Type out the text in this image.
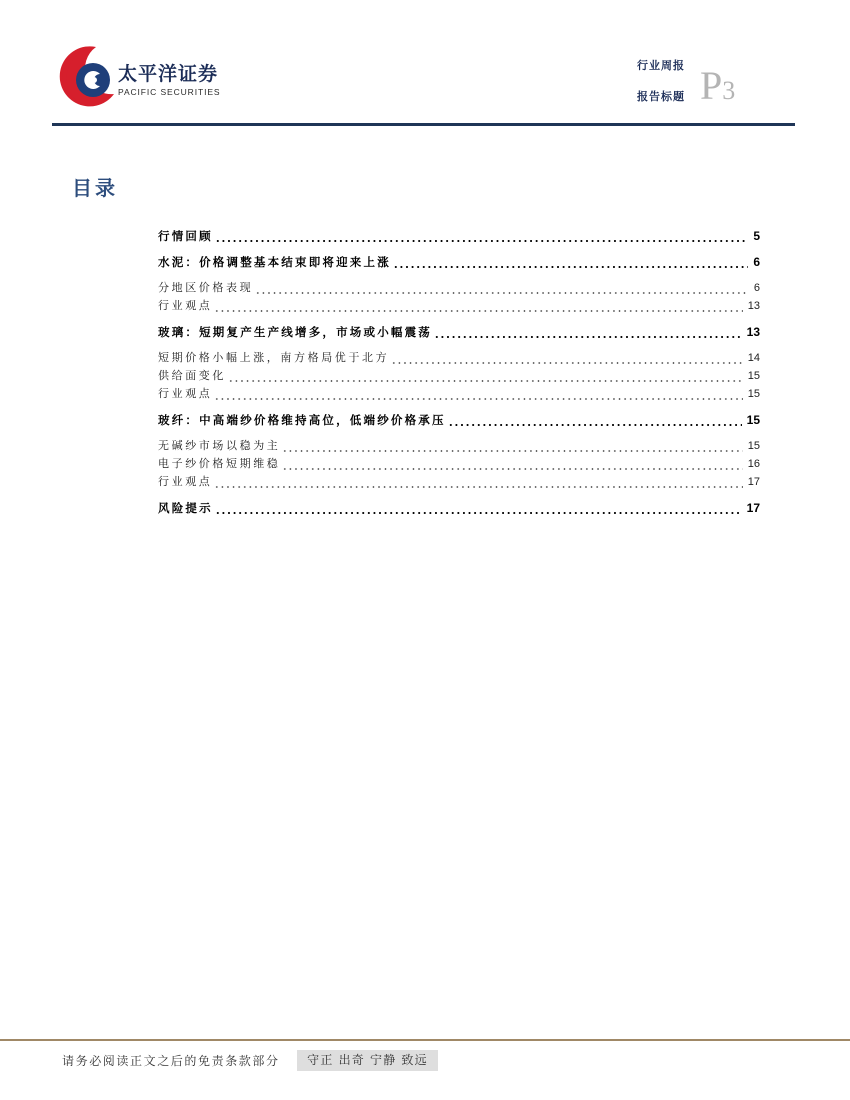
太平洋证券
PACIFIC SECURITIES
行业周报
报告标题 P3
目录
行情回顾	5
水泥：价格调整基本结束即将迎来上涨	6
分地区价格表现	6
行业观点	13
玻璃：短期复产生产线增多，市场或小幅震荡	13
短期价格小幅上涨，南方格局优于北方	14
供给面变化	15
行业观点	15
玻纤：中高端纱价格维持高位，低端纱价格承压	15
无碱纱市场以稳为主	15
电子纱价格短期维稳	16
行业观点	17
风险提示	17
请务必阅读正文之后的免责条款部分	守正 出奇 宁静 致远
